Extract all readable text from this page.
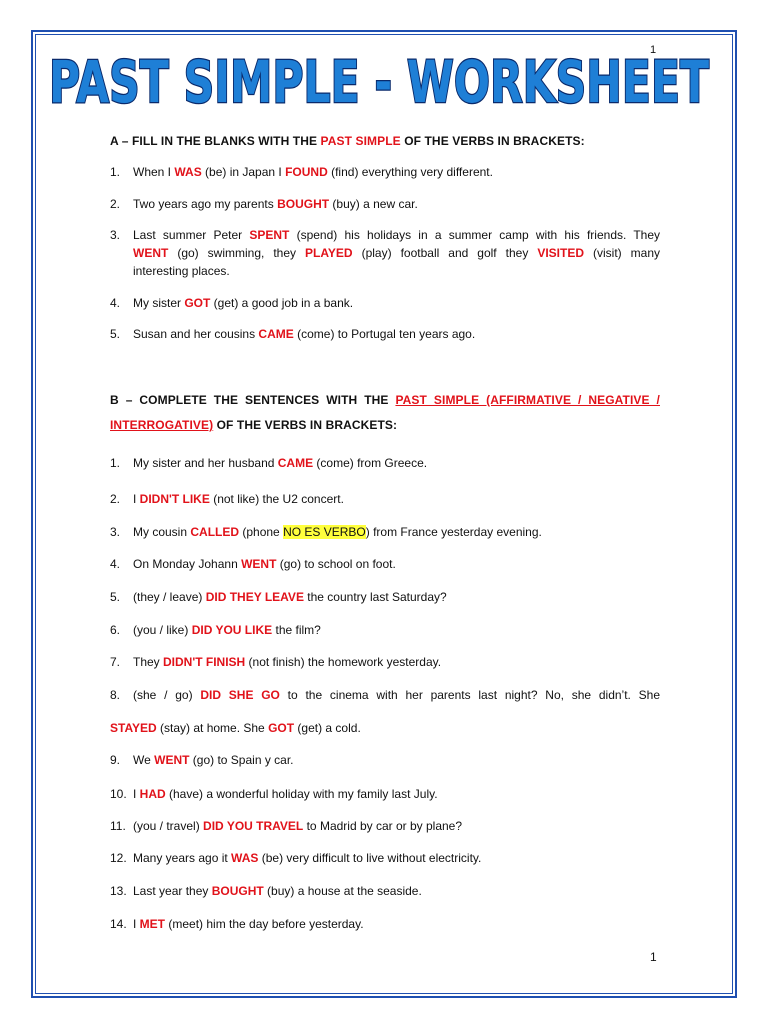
1
PAST SIMPLE - WORKSHEET
A – FILL IN THE BLANKS WITH THE PAST SIMPLE OF THE VERBS IN BRACKETS:
1. When I WAS (be) in Japan I FOUND (find) everything very different.
2. Two years ago my parents BOUGHT (buy) a new car.
3. Last summer Peter SPENT (spend) his holidays in a summer camp with his friends. They
WENT (go) swimming, they PLAYED (play) football and golf they VISITED (visit) many
interesting places.
4. My sister GOT (get) a good job in a bank.
5. Susan and her cousins CAME (come) to Portugal ten years ago.
B – COMPLETE THE SENTENCES WITH THE PAST SIMPLE (AFFIRMATIVE / NEGATIVE /
INTERROGATIVE) OF THE VERBS IN BRACKETS:
1. My sister and her husband CAME (come) from Greece.
2. I DIDN'T LIKE (not like) the U2 concert.
3. My cousin CALLED (phone NO ES VERBO) from France yesterday evening.
4. On Monday Johann WENT (go) to school on foot.
5. (they / leave) DID THEY LEAVE the country last Saturday?
6. (you / like) DID YOU LIKE the film?
7. They DIDN'T FINISH (not finish) the homework yesterday.
8. (she / go) DID SHE GO to the cinema with her parents last night? No, she didn’t. She
STAYED (stay) at home. She GOT (get) a cold.
9. We WENT (go) to Spain y car.
10. I HAD (have) a wonderful holiday with my family last July.
11. (you / travel) DID YOU TRAVEL to Madrid by car or by plane?
12. Many years ago it WAS (be) very difficult to live without electricity.
13. Last year they BOUGHT (buy) a house at the seaside.
14. I MET (meet) him the day before yesterday.
1
